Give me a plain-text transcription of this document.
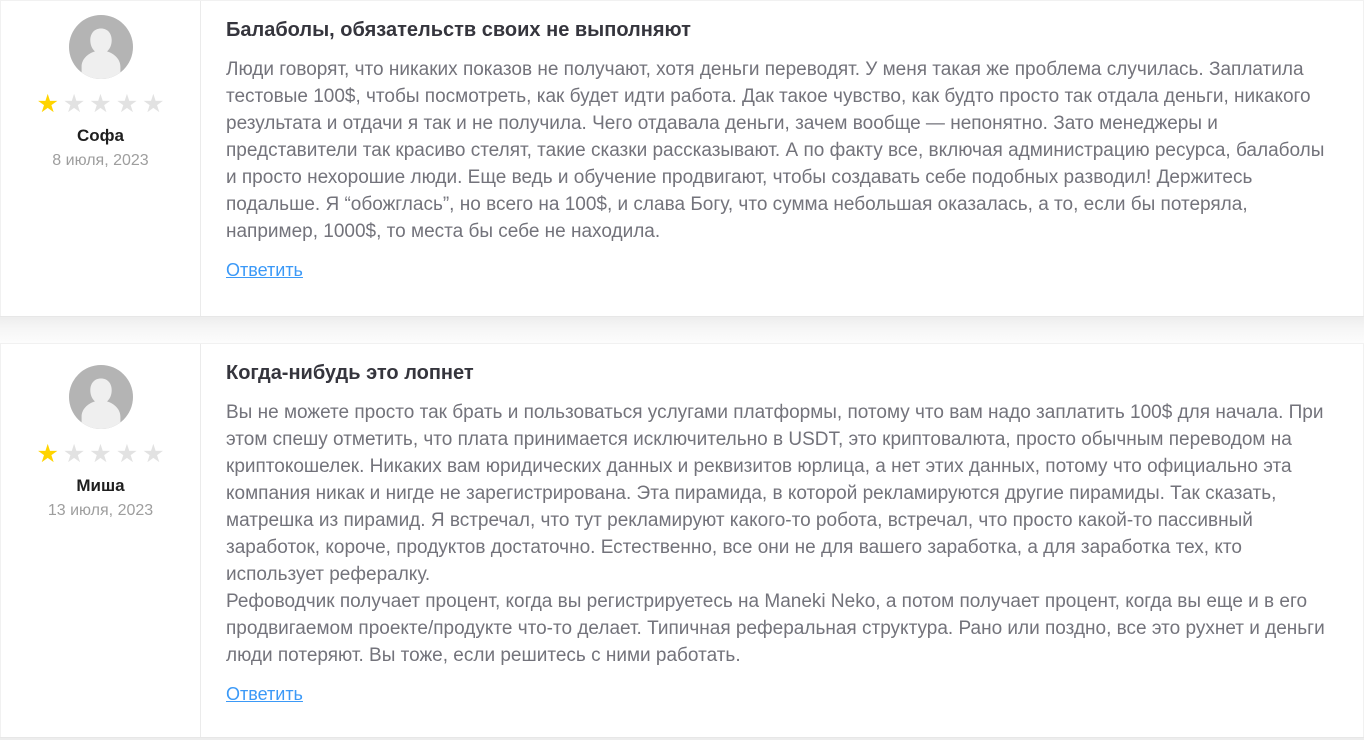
★ ★ ★ ★ ★
Софа
8 июля, 2023
Балаболы, обязательств своих не выполняют

Люди говорят, что никаких показов не получают, хотя деньги переводят. У меня такая же проблема случилась. Заплатила тестовые 100$, чтобы посмотреть, как будет идти работа. Дак такое чувство, как будто просто так отдала деньги, никакого результата и отдачи я так и не получила. Чего отдавала деньги, зачем вообще — непонятно. Зато менеджеры и представители так красиво стелят, такие сказки рассказывают. А по факту все, включая администрацию ресурса, балаболы и просто нехорошие люди. Еще ведь и обучение продвигают, чтобы создавать себе подобных разводил! Держитесь подальше. Я “обожглась”, но всего на 100$, и слава Богу, что сумма небольшая оказалась, а то, если бы потеряла, например, 1000$, то места бы себе не находила.

Ответить
★ ★ ★ ★ ★
Миша
13 июля, 2023
Когда-нибудь это лопнет

Вы не можете просто так брать и пользоваться услугами платформы, потому что вам надо заплатить 100$ для начала. При этом спешу отметить, что плата принимается исключительно в USDT, это криптовалюта, просто обычным переводом на криптокошелек. Никаких вам юридических данных и реквизитов юрлица, а нет этих данных, потому что официально эта компания никак и нигде не зарегистрирована. Эта пирамида, в которой рекламируются другие пирамиды. Так сказать, матрешка из пирамид. Я встречал, что тут рекламируют какого-то робота, встречал, что просто какой-то пассивный заработок, короче, продуктов достаточно. Естественно, все они не для вашего заработка, а для заработка тех, кто использует рефералку.

Рефоводчик получает процент, когда вы регистрируетесь на Maneki Neko, а потом получает процент, когда вы еще и в его продвигаемом проекте/продукте что-то делает. Типичная реферальная структура. Рано или поздно, все это рухнет и деньги люди потеряют. Вы тоже, если решитесь с ними работать.

Ответить
